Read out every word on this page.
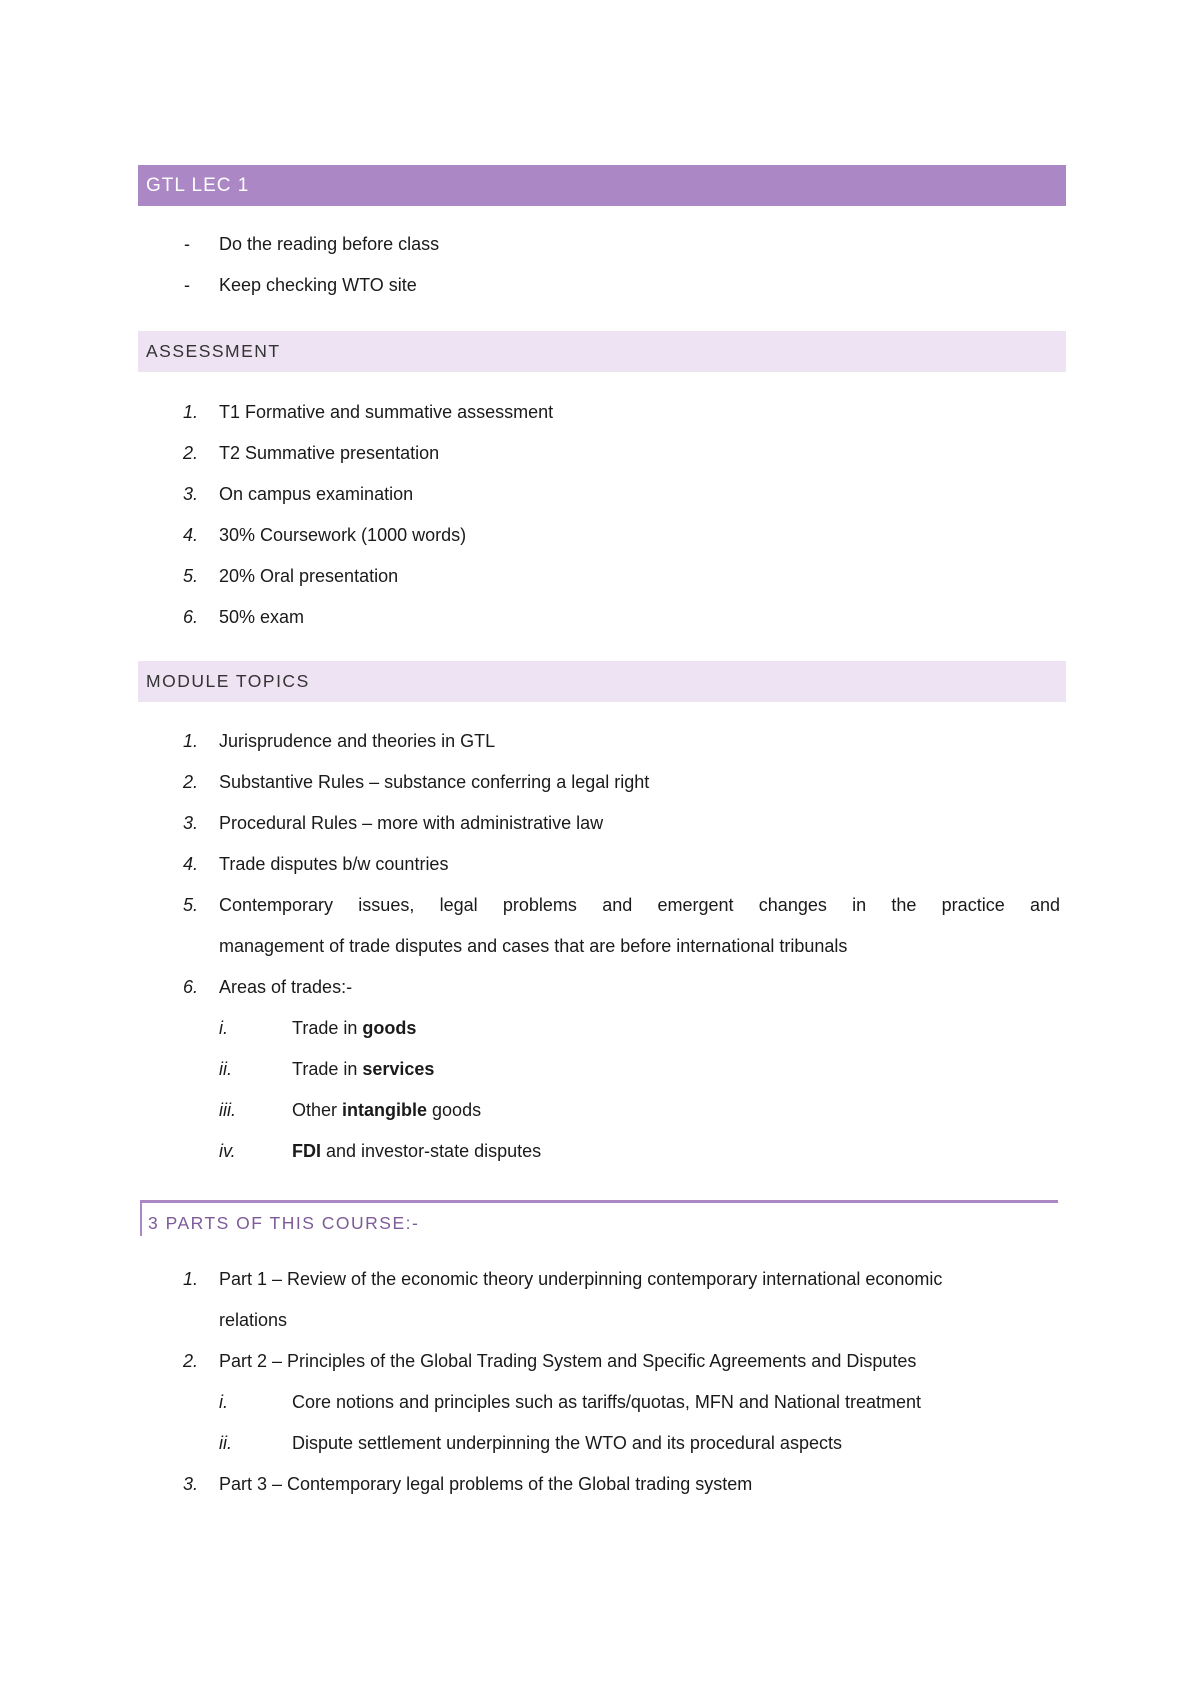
GTL LEC 1
- Do the reading before class
- Keep checking WTO site
ASSESSMENT
1. T1 Formative and summative assessment
2. T2 Summative presentation
3. On campus examination
4. 30% Coursework (1000 words)
5. 20% Oral presentation
6. 50% exam
MODULE TOPICS
1. Jurisprudence and theories in GTL
2. Substantive Rules – substance conferring a legal right
3. Procedural Rules – more with administrative law
4. Trade disputes b/w countries
5. Contemporary issues, legal problems and emergent changes in the practice and
management of trade disputes and cases that are before international tribunals
6. Areas of trades:-
i.	Trade in goods
ii.	Trade in services
iii.	Other intangible goods
iv.	FDI and investor-state disputes
3 PARTS OF THIS COURSE:-
1. Part 1 – Review of the economic theory underpinning contemporary international economic
relations
2. Part 2 – Principles of the Global Trading System and Specific Agreements and Disputes
i.	Core notions and principles such as tariffs/quotas, MFN and National treatment
ii.	Dispute settlement underpinning the WTO and its procedural aspects
3. Part 3 – Contemporary legal problems of the Global trading system
